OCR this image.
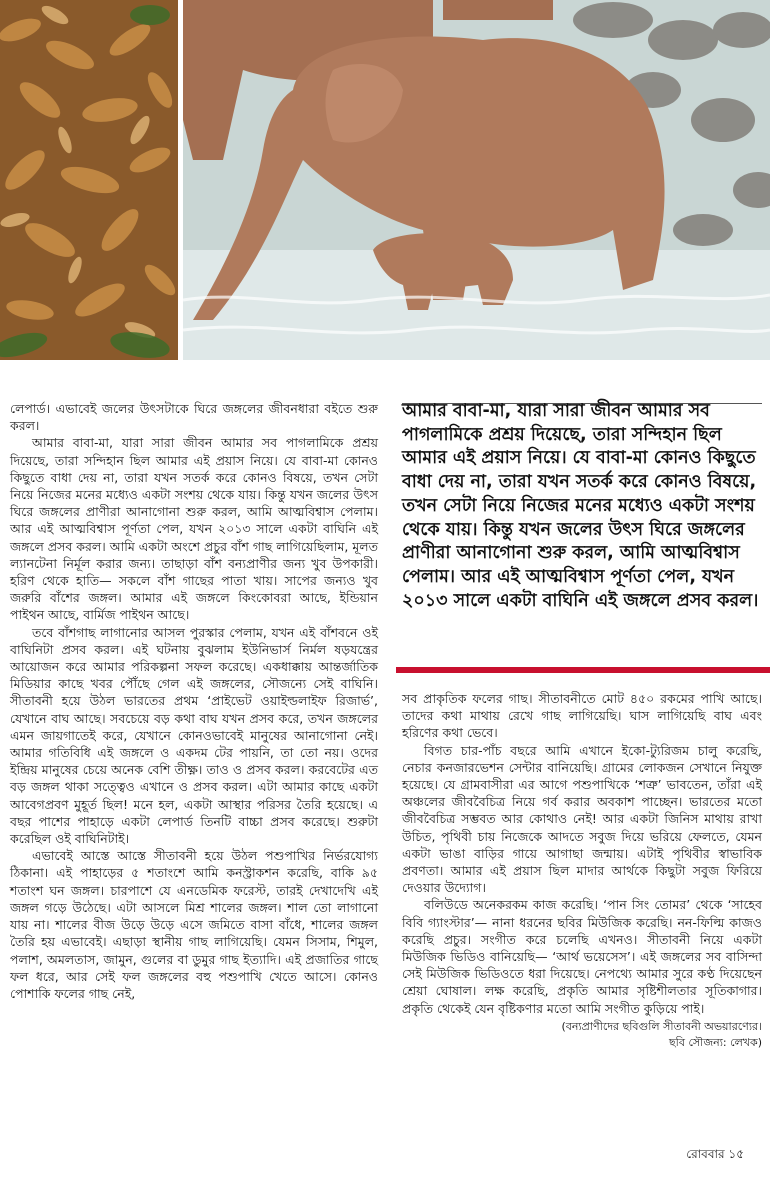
লেপার্ড। এভাবেই জলের উৎসটাকে ঘিরে জঙ্গলের জীবনধারা বইতে শুরু করল।

আমার বাবা-মা, যারা সারা জীবন আমার সব পাগলামিকে প্রশ্রয় দিয়েছে, তারা সন্দিহান ছিল আমার এই প্রয়াস নিয়ে। যে বাবা-মা কোনও কিছুতে বাধা দেয় না, তারা যখন সতর্ক করে কোনও বিষয়ে, তখন সেটা নিয়ে নিজের মনের মধ্যেও একটা সংশয় থেকে যায়। কিন্তু যখন জলের উৎস ঘিরে জঙ্গলের প্রাণীরা আনাগোনা শুরু করল, আমি আত্মবিশ্বাস পেলাম। আর এই আত্মবিশ্বাস পূর্ণতা পেল, যখন ২০১৩ সালে একটা বাঘিনি এই জঙ্গলে প্রসব করল। আমি একটা অংশে প্রচুর বাঁশ গাছ লাগিয়েছিলাম, মূলত ল্যানটেনা নির্মূল করার জন্য। তাছাড়া বাঁশ বন্যপ্রাণীর জন্য খুব উপকারী। হরিণ থেকে হাতি— সকলে বাঁশ গাছের পাতা খায়। সাপের জন্যও খুব জরুরি বাঁশের জঙ্গল। আমার এই জঙ্গলে কিংকোবরা আছে, ইন্ডিয়ান পাইথন আছে, বার্মিজ পাইথন আছে।

তবে বাঁশগাছ লাগানোর আসল পুরস্কার পেলাম, যখন এই বাঁশবনে ওই বাঘিনিটা প্রসব করল। এই ঘটনায় বুঝলাম ইউনিভার্স নির্মল ষড়যন্ত্রের আয়োজন করে আমার পরিকল্পনা সফল করেছে। একধাক্কায় আন্তর্জাতিক মিডিয়ার কাছে খবর পৌঁছে গেল এই জঙ্গলের, সৌজন্যে সেই বাঘিনি। সীতাবনী হয়ে উঠল ভারতের প্রথম ‘প্রাইভেট ওয়াইল্ডলাইফ রিজার্ভ’, যেখানে বাঘ আছে। সবচেয়ে বড় কথা বাঘ যখন প্রসব করে, তখন জঙ্গলের এমন জায়গাতেই করে, যেখানে কোনওভাবেই মানুষের আনাগোনা নেই। আমার গতিবিধি এই জঙ্গলে ও একদম টের পায়নি, তা তো নয়। ওদের ইন্দ্রিয় মানুষের চেয়ে অনেক বেশি তীক্ষ্ণ। তাও ও প্রসব করল। করবেটের এত বড় জঙ্গল থাকা সত্ত্বেও এখানে ও প্রসব করল। এটা আমার কাছে একটা আবেগপ্রবণ মুহূর্ত ছিল! মনে হল, একটা আস্থার পরিসর তৈরি হয়েছে। এ বছর পাশের পাহাড়ে একটা লেপার্ড তিনটি বাচ্চা প্রসব করেছে। শুরুটা করেছিল ওই বাঘিনিটাই।

এভাবেই আস্তে আস্তে সীতাবনী হয়ে উঠল পশুপাখির নির্ভরযোগ্য ঠিকানা। এই পাহাড়ের ৫ শতাংশে আমি কনস্ট্রাকশন করেছি, বাকি ৯৫ শতাংশ ঘন জঙ্গল। চারপাশে যে এনডেমিক ফরেস্ট, তারই দেখাদেখি এই জঙ্গল গড়ে উঠেছে। এটা আসলে মিশ্র শালের জঙ্গল। শাল তো লাগানো যায় না। শালের বীজ উড়ে উড়ে এসে জমিতে বাসা বাঁধে, শালের জঙ্গল তৈরি হয় এভাবেই। এছাড়া স্থানীয় গাছ লাগিয়েছি। যেমন সিসাম, শিমুল, পলাশ, অমলতাস, জামুন, গুলের বা ডুমুর গাছ ইত্যাদি। এই প্রজাতির গাছে ফল ধরে, আর সেই ফল জঙ্গলের বহু পশুপাখি খেতে আসে। কোনও পোশাকি ফলের গাছ নেই,

আমার বাবা-মা, যারা সারা জীবন আমার সব পাগলামিকে প্রশ্রয় দিয়েছে, তারা সন্দিহান ছিল আমার এই প্রয়াস নিয়ে। যে বাবা-মা কোনও কিছুতে বাধা দেয় না, তারা যখন সতর্ক করে কোনও বিষয়ে, তখন সেটা নিয়ে নিজের মনের মধ্যেও একটা সংশয় থেকে যায়। কিন্তু যখন জলের উৎস ঘিরে জঙ্গলের প্রাণীরা আনাগোনা শুরু করল, আমি আত্মবিশ্বাস পেলাম। আর এই আত্মবিশ্বাস পূর্ণতা পেল, যখন ২০১৩ সালে একটা বাঘিনি এই জঙ্গলে প্রসব করল।

সব প্রাকৃতিক ফলের গাছ। সীতাবনীতে মোট ৪৫০ রকমের পাখি আছে। তাদের কথা মাথায় রেখে গাছ লাগিয়েছি। ঘাস লাগিয়েছি বাঘ এবং হরিণের কথা ভেবে।

বিগত চার-পাঁচ বছরে আমি এখানে ইকো-ট্যুরিজম চালু করেছি, নেচার কনজারভেশন সেন্টার বানিয়েছি। গ্রামের লোকজন সেখানে নিযুক্ত হয়েছে। যে গ্রামবাসীরা এর আগে পশুপাখিকে ‘শত্রু’ ভাবতেন, তাঁরা এই অঞ্চলের জীববৈচিত্র নিয়ে গর্ব করার অবকাশ পাচ্ছেন। ভারতের মতো জীববৈচিত্র সম্ভবত আর কোথাও নেই! আর একটা জিনিস মাথায় রাখা উচিত, পৃথিবী চায় নিজেকে আদতে সবুজ দিয়ে ভরিয়ে ফেলতে, যেমন একটা ভাঙা বাড়ির গায়ে আগাছা জন্মায়। এটাই পৃথিবীর স্বাভাবিক প্রবণতা। আমার এই প্রয়াস ছিল মাদার আর্থকে কিছুটা সবুজ ফিরিয়ে দেওয়ার উদ্যোগ।

বলিউডে অনেকরকম কাজ করেছি। ‘পান সিং তোমর’ থেকে ‘সাহেব বিবি গ্যাংস্টার’— নানা ধরনের ছবির মিউজিক করেছি। নন-ফিল্মি কাজও করেছি প্রচুর। সংগীত করে চলেছি এখনও। সীতাবনী নিয়ে একটা মিউজিক ভিডিও বানিয়েছি— ‘আর্থ ভয়েসেস’। এই জঙ্গলের সব বাসিন্দা সেই মিউজিক ভিডিওতে ধরা দিয়েছে। নেপথ্যে আমার সুরে কণ্ঠ দিয়েছেন শ্রেয়া ঘোষাল। লক্ষ করেছি, প্রকৃতি আমার সৃষ্টিশীলতার সূতিকাগার। প্রকৃতি থেকেই যেন বৃষ্টিকণার মতো আমি সংগীত কুড়িয়ে পাই।

(বন্যপ্রাণীদের ছবিগুলি সীতাবনী অভয়ারণ্যের।
ছবি সৌজন্য: লেখক)
রোববার ১৫
